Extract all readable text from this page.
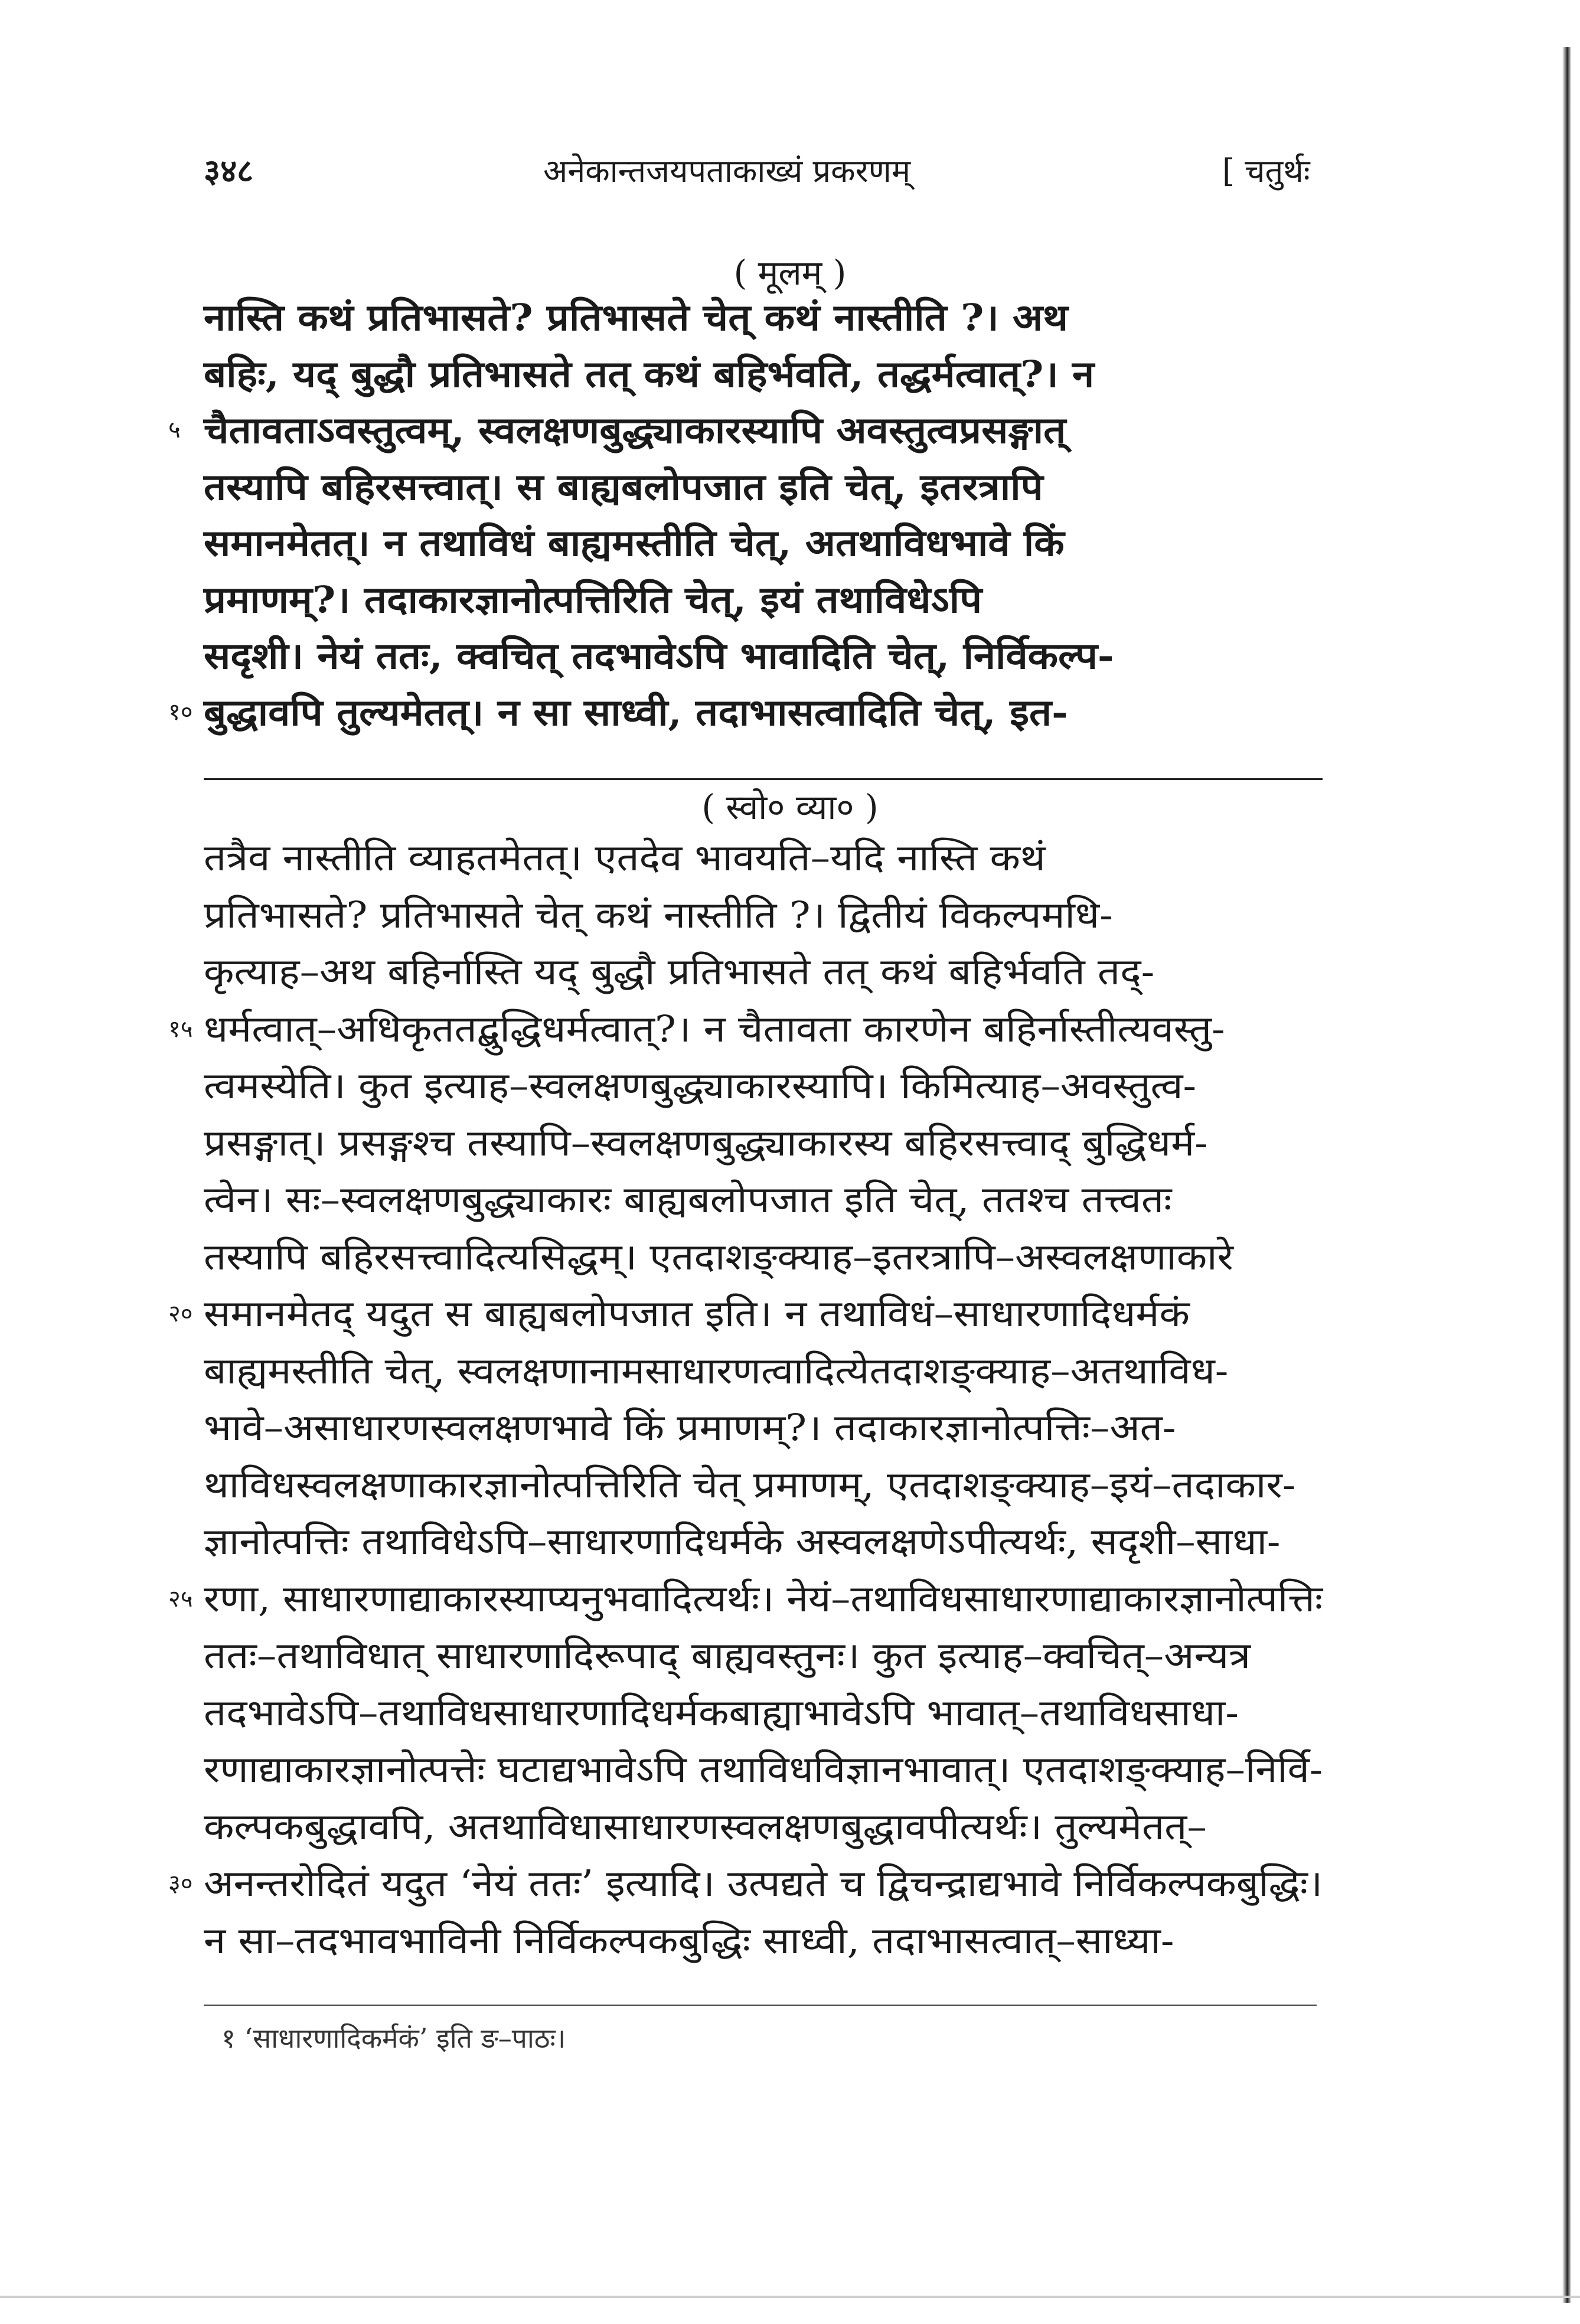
३४८	अनेकान्तजयपताकाख्यं प्रकरणम्	[ चतुर्थः
( मूलम् )
नास्ति कथं प्रतिभासते? प्रतिभासते चेत् कथं नास्तीति ?। अथ
बहिः, यद् बुद्धौ प्रतिभासते तत् कथं बहिर्भवति, तद्धर्मत्वात्?। न
५ चैतावताऽवस्तुत्वम्, स्वलक्षणबुद्ध्याकारस्यापि अवस्तुत्वप्रसङ्गात्
तस्यापि बहिरसत्त्वात्। स बाह्यबलोपजात इति चेत्, इतरत्रापि
समानमेतत्। न तथाविधं बाह्यमस्तीति चेत्, अतथाविधभावे किं
प्रमाणम्?। तदाकारज्ञानोत्पत्तिरिति चेत्, इयं तथाविधेऽपि
सदृशी। नेयं ततः, क्वचित् तदभावेऽपि भावादिति चेत्, निर्विकल्प-
१० बुद्धावपि तुल्यमेतत्। न सा साध्वी, तदाभासत्वादिति चेत्, इत-
( स्वो० व्या० )
तत्रैव नास्तीति व्याहतमेतत्। एतदेव भावयति–यदि नास्ति कथं
प्रतिभासते? प्रतिभासते चेत् कथं नास्तीति ?। द्वितीयं विकल्पमधि-
कृत्याह–अथ बहिर्नास्ति यद् बुद्धौ प्रतिभासते तत् कथं बहिर्भवति तद्-
१५ धर्मत्वात्–अधिकृततद्बुद्धिधर्मत्वात्?। न चैतावता कारणेन बहिर्नास्तीत्यवस्तु-
त्वमस्येति। कुत इत्याह–स्वलक्षणबुद्ध्याकारस्यापि। किमित्याह–अवस्तुत्व-
प्रसङ्गात्। प्रसङ्गश्च तस्यापि–स्वलक्षणबुद्ध्याकारस्य बहिरसत्त्वाद् बुद्धिधर्म-
त्वेन। सः–स्वलक्षणबुद्ध्याकारः बाह्यबलोपजात इति चेत्, ततश्च तत्त्वतः
तस्यापि बहिरसत्त्वादित्यसिद्धम्। एतदाशङ्क्याह–इतरत्रापि–अस्वलक्षणाकारे
२० समानमेतद् यदुत स बाह्यबलोपजात इति। न तथाविधं–साधारणादिधर्मकं
बाह्यमस्तीति चेत्, स्वलक्षणानामसाधारणत्वादित्येतदाशङ्क्याह–अतथाविध-
भावे–असाधारणस्वलक्षणभावे किं प्रमाणम्?। तदाकारज्ञानोत्पत्तिः–अत-
थाविधस्वलक्षणाकारज्ञानोत्पत्तिरिति चेत् प्रमाणम्, एतदाशङ्क्याह–इयं–तदाकार-
ज्ञानोत्पत्तिः तथाविधेऽपि–साधारणादिधर्मके अस्वलक्षणेऽपीत्यर्थः, सदृशी–साधा-
२५ रणा, साधारणाद्याकारस्याप्यनुभवादित्यर्थः। नेयं–तथाविधसाधारणाद्याकारज्ञानोत्पत्तिः
ततः–तथाविधात् साधारणादिरूपाद् बाह्यवस्तुनः। कुत इत्याह–क्वचित्–अन्यत्र
तदभावेऽपि–तथाविधसाधारणादिधर्मकबाह्याभावेऽपि भावात्–तथाविधसाधा-
रणाद्याकारज्ञानोत्पत्तेः घटाद्यभावेऽपि तथाविधविज्ञानभावात्। एतदाशङ्क्याह–निर्वि-
कल्पकबुद्धावपि, अतथाविधासाधारणस्वलक्षणबुद्धावपीत्यर्थः। तुल्यमेतत्–
३० अनन्तरोदितं यदुत ‘नेयं ततः’ इत्यादि। उत्पद्यते च द्विचन्द्राद्यभावे निर्विकल्पकबुद्धिः।
न सा–तदभावभाविनी निर्विकल्पकबुद्धिः साध्वी, तदाभासत्वात्–साध्या-
१ ‘साधारणादिकर्मकं’ इति ङ–पाठः।
